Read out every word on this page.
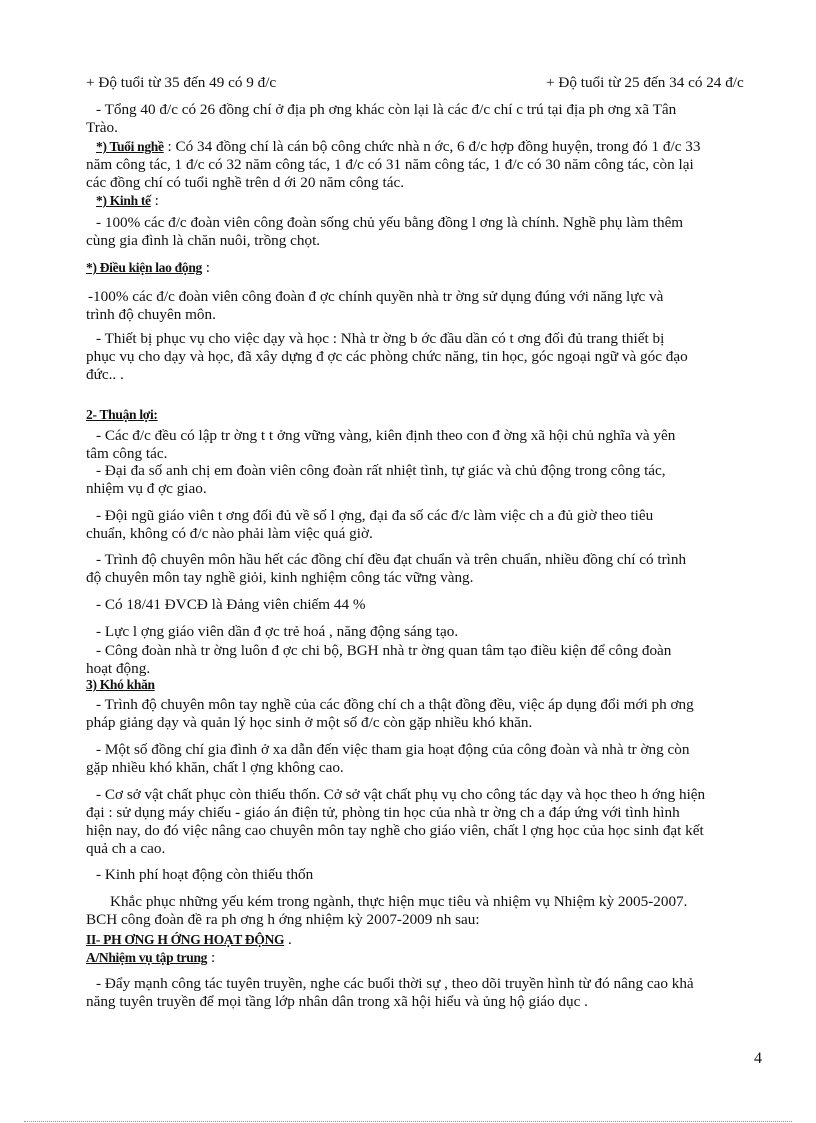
+ Độ tuổi từ 35 đến 49 có 9 đ/c	+ Độ tuổi từ 25 đến 34 có 24 đ/c
- Tổng 40 đ/c có 26 đồng chí ở địa ph ơng khác còn lại là các đ/c chí c trú tại địa ph ơng xã Tân
Trào.
*) Tuổi nghề : Có 34 đồng chí là cán bộ công chức nhà n ớc, 6 đ/c hợp đồng huyện, trong đó 1 đ/c 33
năm công tác, 1 đ/c có 32 năm công tác, 1 đ/c có 31 năm công tác, 1 đ/c có 30 năm công tác, còn lại
các đồng chí có tuổi nghề trên d ới 20 năm công tác.
*) Kinh tế :
- 100% các đ/c đoàn viên công đoàn sống chủ yếu bằng đồng l ơng là chính. Nghề phụ làm thêm
cùng gia đình là chăn nuôi, trồng chọt.
*) Điều kiện lao động :
-100% các đ/c đoàn viên công đoàn đ ợc chính quyền nhà tr ờng sử dụng đúng với năng lực và
trình độ chuyên môn.
- Thiết bị phục vụ cho việc dạy và học : Nhà tr ờng b ớc đầu dần có t ơng đối đủ trang thiết bị
phục vụ cho dạy và học, đã xây dựng đ ợc các phòng chức năng, tin học, góc ngoại ngữ và góc đạo
đức.. .
2- Thuận lợi:
- Các đ/c đều có lập tr ờng t t ởng vững vàng, kiên định theo con đ ờng xã hội chủ nghĩa và yên
tâm công tác.
- Đại đa số anh chị em đoàn viên công đoàn rất nhiệt tình, tự giác và chủ động trong công tác,
nhiệm vụ đ ợc giao.
- Đội ngũ giáo viên t ơng đối đủ về số l ợng, đại đa số các đ/c làm việc ch a đủ giờ theo tiêu
chuẩn, không có đ/c nào phải làm việc quá giờ.
- Trình độ chuyên môn hầu hết các đồng chí đều đạt chuẩn và trên chuẩn, nhiều đồng chí có trình
độ chuyên môn tay nghề giỏi, kinh nghiệm công tác vững vàng.
- Có 18/41 ĐVCĐ là Đảng viên chiếm 44 %
- Lực l ợng giáo viên dần đ ợc trẻ hoá , năng động sáng tạo.
- Công đoàn nhà tr ờng luôn đ ợc chi bộ, BGH nhà tr ờng quan tâm tạo điều kiện để công đoàn
hoạt động.
3) Khó khăn
- Trình độ chuyên môn tay nghề của các đồng chí ch a thật đồng đều, việc áp dụng đổi mới ph ơng
pháp giảng dạy và quản lý học sinh ở một số đ/c còn gặp nhiều khó khăn.
- Một số đồng chí gia đình ở xa dẫn đến việc tham gia hoạt động của công đoàn và nhà tr ờng còn
gặp nhiều khó khăn, chất l ợng không cao.
- Cơ sở vật chất phục còn thiếu thốn. Cở sở vật chất phụ vụ cho công tác dạy và học theo h ớng hiện
đại : sử dụng máy chiếu - giáo án điện tử, phòng tin học của nhà tr ờng ch a đáp ứng với tình hình
hiện nay, do đó việc nâng cao chuyên môn tay nghề cho giáo viên, chất l ợng học của học sinh đạt kết
quả ch a cao.
- Kinh phí hoạt động còn thiếu thốn
Khắc phục những yếu kém trong ngành, thực hiện mục tiêu và nhiệm vụ Nhiệm kỳ 2005-2007.
BCH công đoàn đề ra ph ơng h ớng nhiệm kỳ 2007-2009 nh sau:
II- PH ƠNG H ỚNG HOẠT ĐỘNG .
A/Nhiệm vụ tập trung :
- Đẩy mạnh công tác tuyên truyền, nghe các buổi thời sự , theo dõi truyền hình từ đó nâng cao khả
năng tuyên truyền để mọi tầng lớp nhân dân trong xã hội hiểu và ủng hộ giáo dục .
4
